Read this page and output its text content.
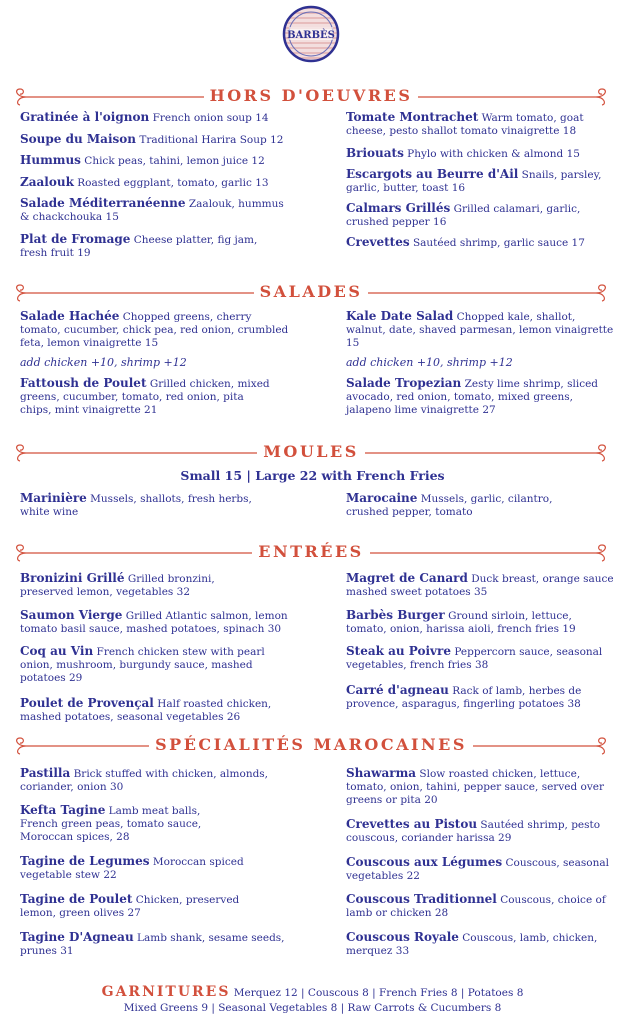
BARBÈS
HORS D'OEUVRES
Gratinée à l'oignon French onion soup 14
Soupe du Maison Traditional Harira Soup 12
Hummus Chick peas, tahini, lemon juice 12
Zaalouk Roasted eggplant, tomato, garlic 13
Salade Méditerranéenne Zaalouk, hummus & chackchouka 15
Plat de Fromage Cheese platter, fig jam, fresh fruit 19
Tomate Montrachet Warm tomato, goat cheese, pesto shallot tomato vinaigrette 18
Briouats Phylo with chicken & almond 15
Escargots au Beurre d'Ail Snails, parsley, garlic, butter, toast 16
Calmars Grillés Grilled calamari, garlic, crushed pepper 16
Crevettes Sautéed shrimp, garlic sauce 17
SALADES
Salade Hachée Chopped greens, cherry tomato, cucumber, chick pea, red onion, crumbled feta, lemon vinaigrette 15
add chicken +10, shrimp +12
Fattoush de Poulet Grilled chicken, mixed greens, cucumber, tomato, red onion, pita chips, mint vinaigrette 21
Kale Date Salad Chopped kale, shallot, walnut, date, shaved parmesan, lemon vinaigrette 15
add chicken +10, shrimp +12
Salade Tropezian Zesty lime shrimp, sliced avocado, red onion, tomato, mixed greens, jalapeno lime vinaigrette 27
MOULES
Small 15 | Large 22 with French Fries
Marinière Mussels, shallots, fresh herbs, white wine
Marocaine Mussels, garlic, cilantro, crushed pepper, tomato
ENTRÉES
Bronizini Grillé Grilled bronzini, preserved lemon, vegetables 32
Saumon Vierge Grilled Atlantic salmon, lemon tomato basil sauce, mashed potatoes, spinach 30
Coq au Vin French chicken stew with pearl onion, mushroom, burgundy sauce, mashed potatoes 29
Poulet de Provençal Half roasted chicken, mashed potatoes, seasonal vegetables 26
Magret de Canard Duck breast, orange sauce mashed sweet potatoes 35
Barbès Burger Ground sirloin, lettuce, tomato, onion, harissa aioli, french fries 19
Steak au Poivre Peppercorn sauce, seasonal vegetables, french fries 38
Carré d'agneau Rack of lamb, herbes de provence, asparagus, fingerling potatoes 38
SPÉCIALITÉS MAROCAINES
Pastilla Brick stuffed with chicken, almonds, coriander, onion 30
Kefta Tagine Lamb meat balls, French green peas, tomato sauce, Moroccan spices, 28
Tagine de Legumes Moroccan spiced vegetable stew 22
Tagine de Poulet Chicken, preserved lemon, green olives 27
Tagine D'Agneau Lamb shank, sesame seeds, prunes 31
Shawarma Slow roasted chicken, lettuce, tomato, onion, tahini, pepper sauce, served over greens or pita 20
Crevettes au Pistou Sautéed shrimp, pesto couscous, coriander harissa 29
Couscous aux Légumes Couscous, seasonal vegetables 22
Couscous Traditionnel Couscous, choice of lamb or chicken 28
Couscous Royale Couscous, lamb, chicken, merquez 33
GARNITURES Merquez 12 | Couscous 8 | French Fries 8 | Potatoes 8
Mixed Greens 9 | Seasonal Vegetables 8 | Raw Carrots & Cucumbers 8
